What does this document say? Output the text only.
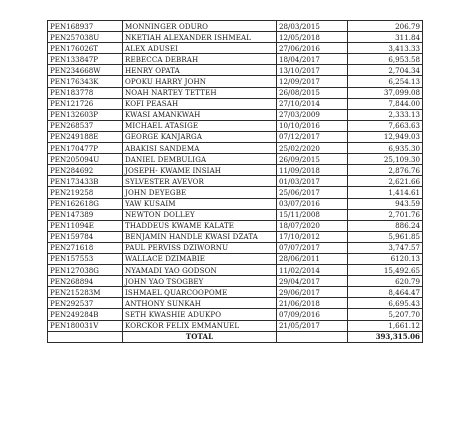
PEN168937	MONNINGER ODURO	28/03/2015	206.79
PEN257038U	NKETIAH ALEXANDER ISHMEAL	12/05/2018	311.84
PEN176026T	ALEX ADUSEI	27/06/2016	3,413.33
PEN133847P	REBECCA DEBRAH	18/04/2017	6,953.58
PEN234668W	HENRY OPATA	13/10/2017	2,704.34
PEN176343K	OPOKU HARRY JOHN	12/09/2017	6,254.13
PEN183778	NOAH NARTEY TETTEH	26/08/2015	37,099.08
PEN121726	KOFI PEASAH	27/10/2014	7,844.00
PEN132603P	KWASI AMANKWAH	27/03/2009	2,333.13
PEN268537	MICHAEL ATASIGE	10/10/2016	7,663.63
PEN249188E	GEORGE KANJARGA	07/12/2017	12,949.03
PEN170477P	ABAKISI SANDEMA	25/02/2020	6,935.30
PEN205094U	DANIEL DEMBULIGA	26/09/2015	25,109.30
PEN284692	JOSEPH- KWAME INSIAH	11/09/2018	2,876.76
PEN173433B	SYLVESTER AVEVOR	01/03/2017	2,621.66
PEN219258	JOHN DEYEGBE	25/06/2017	1,414.61
PEN162618G	YAW KUSAIM	03/07/2016	943.59
PEN147389	NEWTON DOLLEY	15/11/2008	2,701.76
PEN11094E	THADDEUS KWAME KALATE	18/07/2020	886.24
PEN159784	BENJAMIN HANDLE KWASI DZATA	17/10/2012	5,961.85
PEN271618	PAUL PERVISS DZIWORNU	07/07/2017	3,747.57
PEN157553	WALLACE DZIMABIE	28/06/2011	6120.13
PEN127038G	NYAMADI YAO GODSON	11/02/2014	15,492.65
PEN268894	JOHN YAO TSOGBEY	29/04/2017	620.79
PEN215283M	ISHMAEL QUARCOOPOME	29/06/2017	8,464.47
PEN292537	ANTHONY SUNKAH	21/06/2018	6,695.43
PEN249284B	SETH KWASHIE ADUKPO	07/09/2016	5,207.70
PEN180031V	KORCKOR FELIX EMMANUEL	21/05/2017	1,661.12
	TOTAL		393,315.06
